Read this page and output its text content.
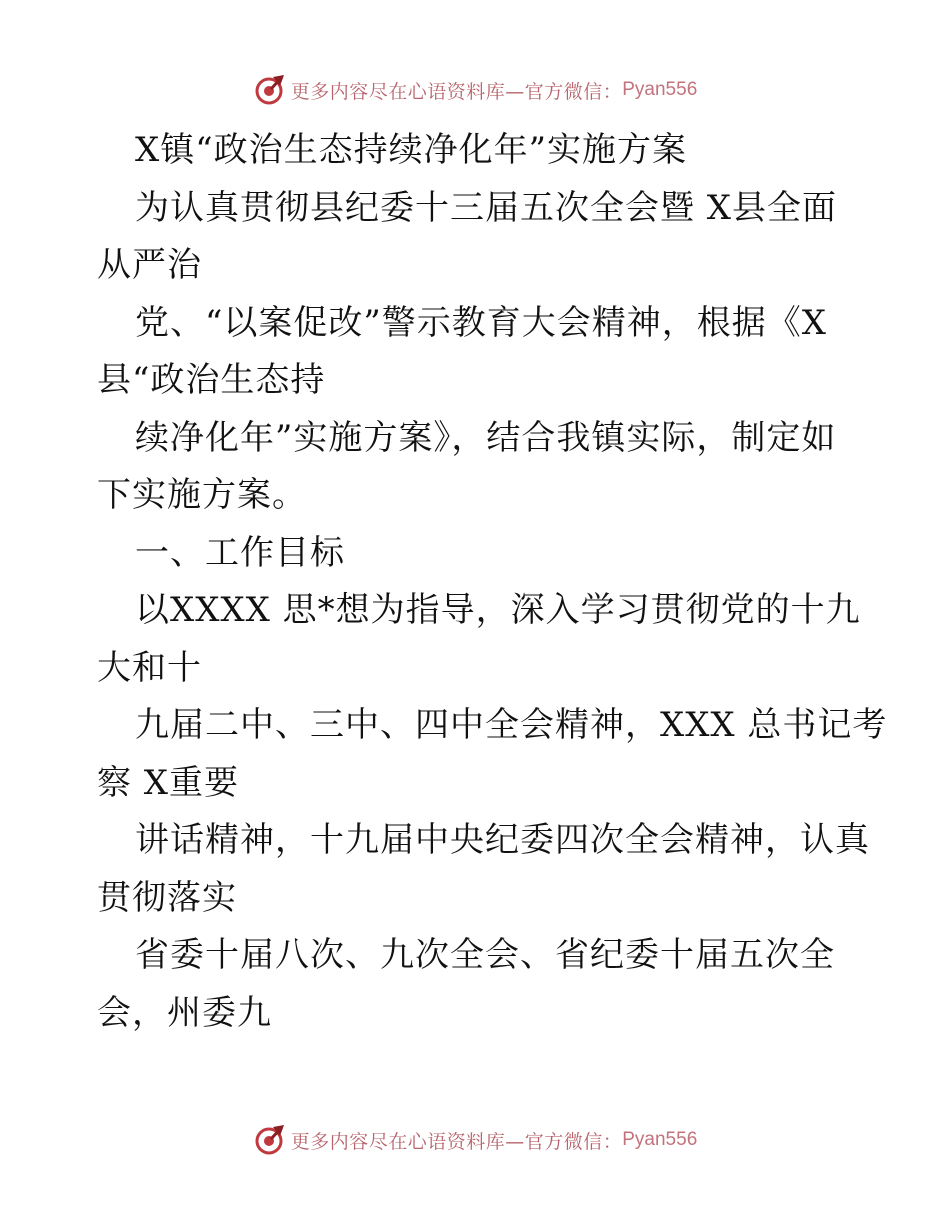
更多内容尽在心语资料库—官方微信： Pyan556
X镇“政治生态持续净化年”实施方案
为认真贯彻县纪委十三届五次全会暨 X县全面
从严治
党、“以案促改”警示教育大会精神，根据《X
县“政治生态持
续净化年”实施方案》，结合我镇实际，制定如
下实施方案。
一、工作目标
以XXXX 思*想为指导，深入学习贯彻党的十九
大和十
九届二中、三中、四中全会精神，XXX 总书记考
察 X重要
讲话精神，十九届中央纪委四次全会精神，认真
贯彻落实
省委十届八次、九次全会、省纪委十届五次全
会，州委九
更多内容尽在心语资料库—官方微信： Pyan556
